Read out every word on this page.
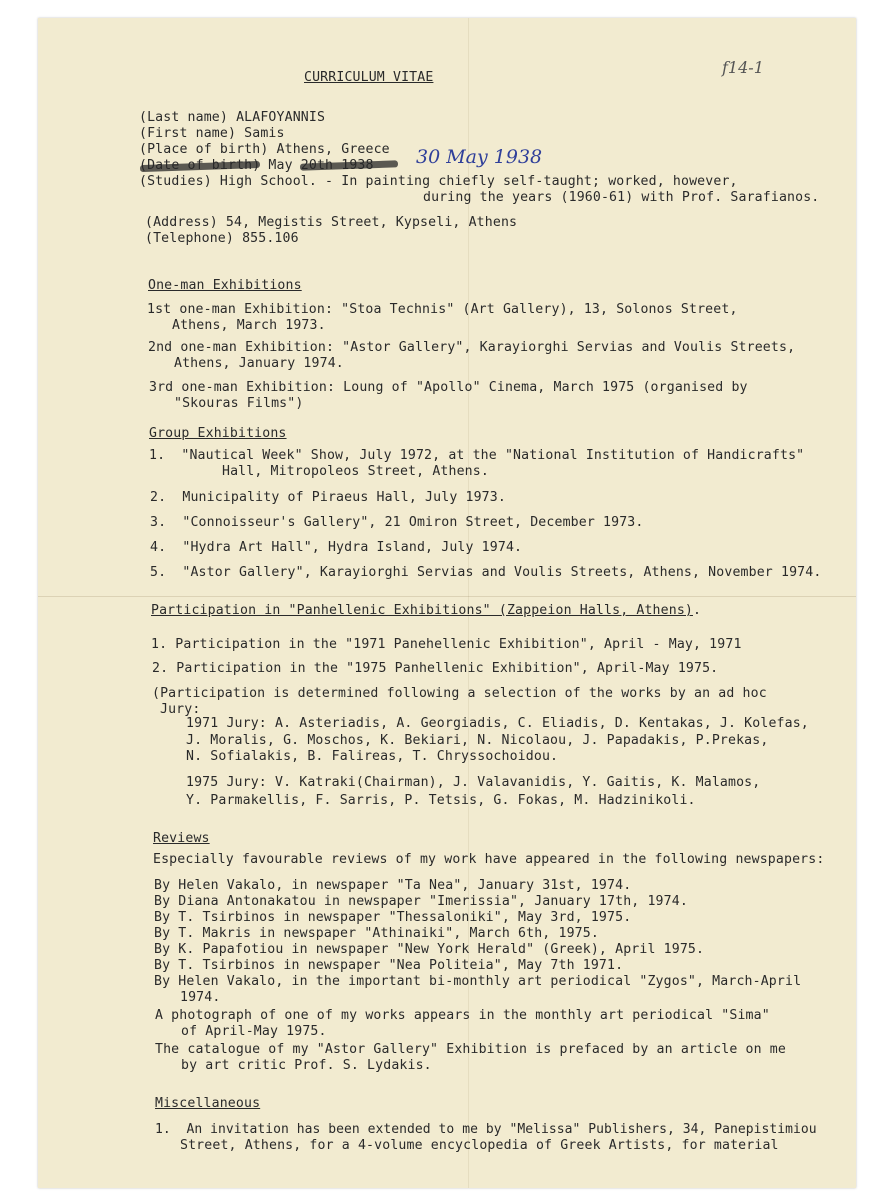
f14-1
CURRICULUM VITAE
(Last name) ALAFOYANNIS
(First name) Samis
(Place of birth) Athens, Greece
May	30 May 1938
(Studies) High School. - In painting chiefly self-taught; worked, however,
during the years (1960-61) with Prof. Sarafianos.
(Address) 54, Megistis Street, Kypseli, Athens
(Telephone) 855.106
One-man Exhibitions
1st one-man Exhibition: "Stoa Technis" (Art Gallery), 13, Solonos Street,
Athens, March 1973.
2nd one-man Exhibition: "Astor Gallery", Karayiorghi Servias and Voulis Streets,
Athens, January 1974.
3rd one-man Exhibition: Loung of "Apollo" Cinema, March 1975 (organised by
"Skouras Films")
Group Exhibitions
1.  "Nautical Week" Show, July 1972, at the "National Institution of Handicrafts"
Hall, Mitropoleos Street, Athens.
2.  Municipality of Piraeus Hall, July 1973.
3.  "Connoisseur's Gallery", 21 Omiron Street, December 1973.
4.  "Hydra Art Hall", Hydra Island, July 1974.
5.  "Astor Gallery", Karayiorghi Servias and Voulis Streets, Athens, November 1974.
Participation in "Panhellenic Exhibitions" (Zappeion Halls, Athens).
1. Participation in the "1971 Panehellenic Exhibition", April - May, 1971
2. Participation in the "1975 Panhellenic Exhibition", April-May 1975.
(Participation is determined following a selection of the works by an ad hoc
Jury:
1971 Jury: A. Asteriadis, A. Georgiadis, C. Eliadis, D. Kentakas, J. Kolefas,
J. Moralis, G. Moschos, K. Bekiari, N. Nicolaou, J. Papadakis, P.Prekas,
N. Sofialakis, B. Falireas, T. Chryssochoidou.
1975 Jury: V. Katraki(Chairman), J. Valavanidis, Y. Gaitis, K. Malamos,
Y. Parmakellis, F. Sarris, P. Tetsis, G. Fokas, M. Hadzinikoli.
Reviews
Especially favourable reviews of my work have appeared in the following newspapers:
By Helen Vakalo, in newspaper "Ta Nea", January 31st, 1974.
By Diana Antonakatou in newspaper "Imerissia", January 17th, 1974.
By T. Tsirbinos in newspaper "Thessaloniki", May 3rd, 1975.
By T. Makris in newspaper "Athinaiki", March 6th, 1975.
By K. Papafotiou in newspaper "New York Herald" (Greek), April 1975.
By T. Tsirbinos in newspaper "Nea Politeia", May 7th 1971.
By Helen Vakalo, in the important bi-monthly art periodical "Zygos", March-April
1974.
A photograph of one of my works appears in the monthly art periodical "Sima"
of April-May 1975.
The catalogue of my "Astor Gallery" Exhibition is prefaced by an article on me
by art critic Prof. S. Lydakis.
Miscellaneous
1.  An invitation has been extended to me by "Melissa" Publishers, 34, Panepistimiou
Street, Athens, for a 4-volume encyclopedia of Greek Artists, for material
